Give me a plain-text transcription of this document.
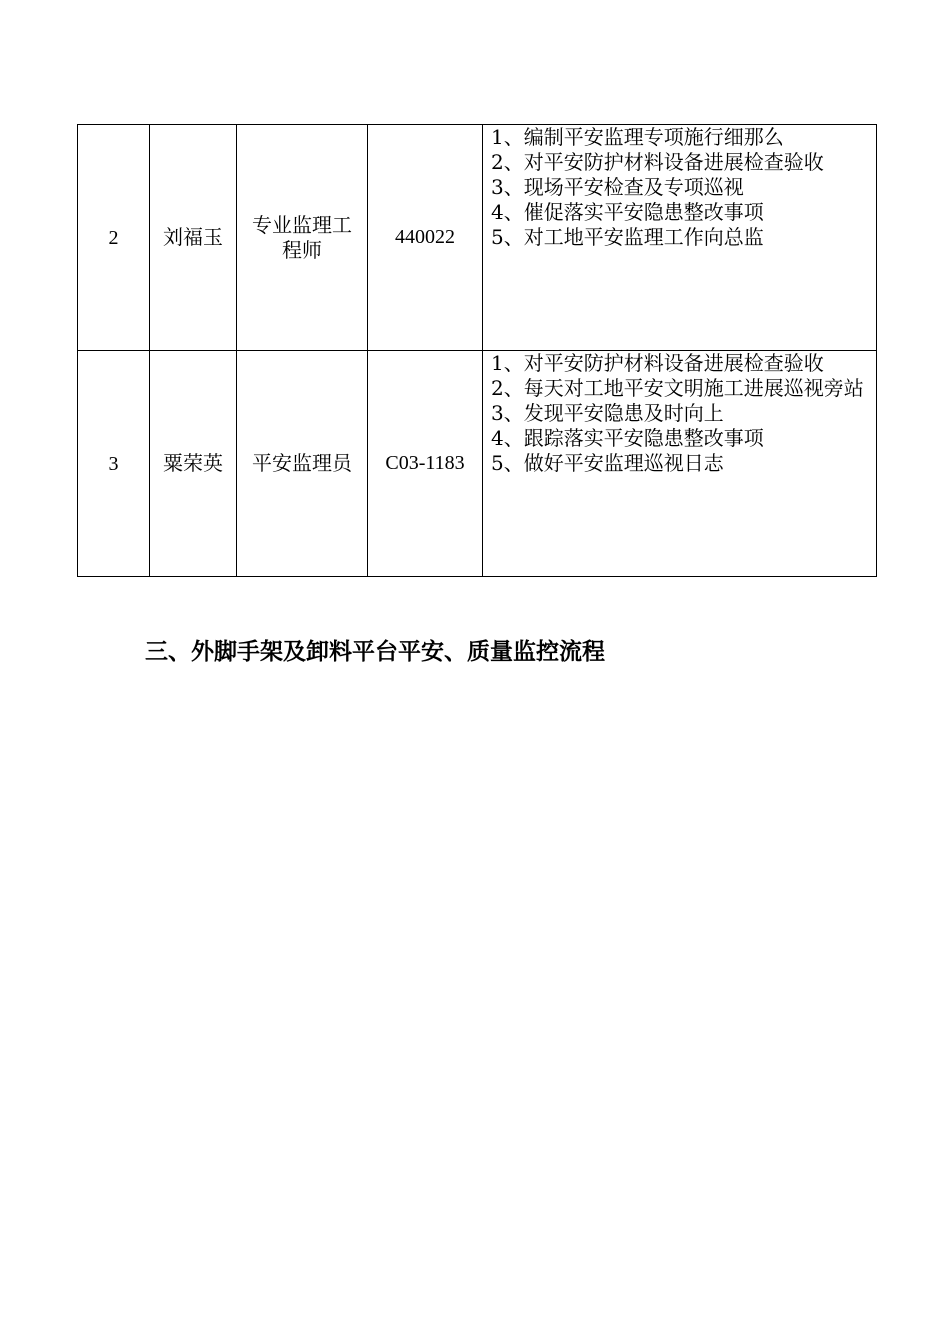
2	刘福玉	专业监理工程师	440022	1、编制平安监理专项施行细那么
2、对平安防护材料设备进展检查验收
3、现场平安检查及专项巡视
4、催促落实平安隐患整改事项
5、对工地平安监理工作向总监

3	粟荣英	平安监理员	C03-1183	1、对平安防护材料设备进展检查验收
2、每天对工地平安文明施工进展巡视旁站
3、发现平安隐患及时向上
4、跟踪落实平安隐患整改事项
5、做好平安监理巡视日志
三、外脚手架及卸料平台平安、质量监控流程
